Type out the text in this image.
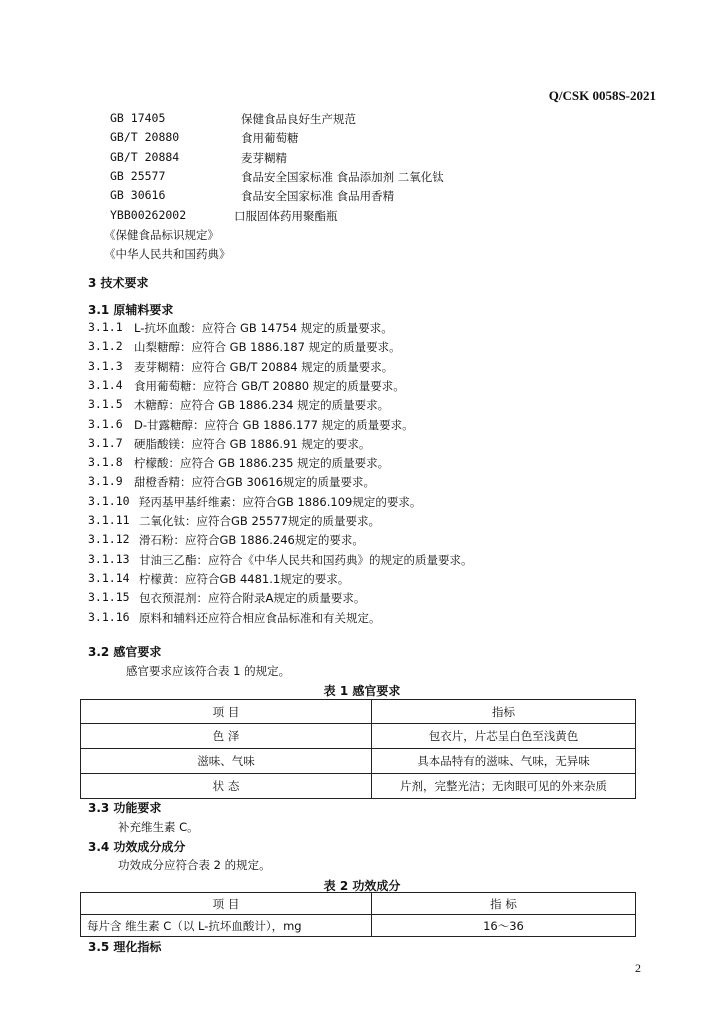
Q/CSK 0058S-2021
GB 17405	保健食品良好生产规范
GB/T 20880	食用葡萄糖
GB/T 20884	麦芽糊精
GB 25577	食品安全国家标准 食品添加剂 二氧化钛
GB 30616	食品安全国家标准 食品用香精
YBB00262002	口服固体药用聚酯瓶
《保健食品标识规定》
《中华人民共和国药典》
3 技术要求
3.1 原辅料要求
3.1.1 L-抗坏血酸：应符合 GB 14754 规定的质量要求。
3.1.2 山梨糖醇：应符合 GB 1886.187 规定的质量要求。
3.1.3 麦芽糊精：应符合 GB/T 20884 规定的质量要求。
3.1.4 食用葡萄糖：应符合 GB/T 20880 规定的质量要求。
3.1.5 木糖醇：应符合 GB 1886.234 规定的质量要求。
3.1.6 D-甘露糖醇：应符合 GB 1886.177 规定的质量要求。
3.1.7 硬脂酸镁：应符合 GB 1886.91 规定的要求。
3.1.8 柠檬酸：应符合 GB 1886.235 规定的质量要求。
3.1.9 甜橙香精：应符合GB 30616规定的质量要求。
3.1.10 羟丙基甲基纤维素：应符合GB 1886.109规定的要求。
3.1.11 二氧化钛：应符合GB 25577规定的质量要求。
3.1.12 滑石粉：应符合GB 1886.246规定的要求。
3.1.13 甘油三乙酯：应符合《中华人民共和国药典》的规定的质量要求。
3.1.14 柠檬黄：应符合GB 4481.1规定的要求。
3.1.15 包衣预混剂：应符合附录A规定的质量要求。
3.1.16 原料和辅料还应符合相应食品标准和有关规定。
3.2 感官要求
感官要求应该符合表 1 的规定。
表 1 感官要求
项 目	指标
色 泽	包衣片，片芯呈白色至浅黄色
滋味、气味	具本品特有的滋味、气味，无异味
状 态	片剂，完整光洁；无肉眼可见的外来杂质
3.3 功能要求
补充维生素 C。
3.4 功效成分成分
功效成分应符合表 2 的规定。
表 2 功效成分
项 目	指 标
每片含 维生素 C（以 L-抗坏血酸计），mg	16～36
3.5 理化指标
2
